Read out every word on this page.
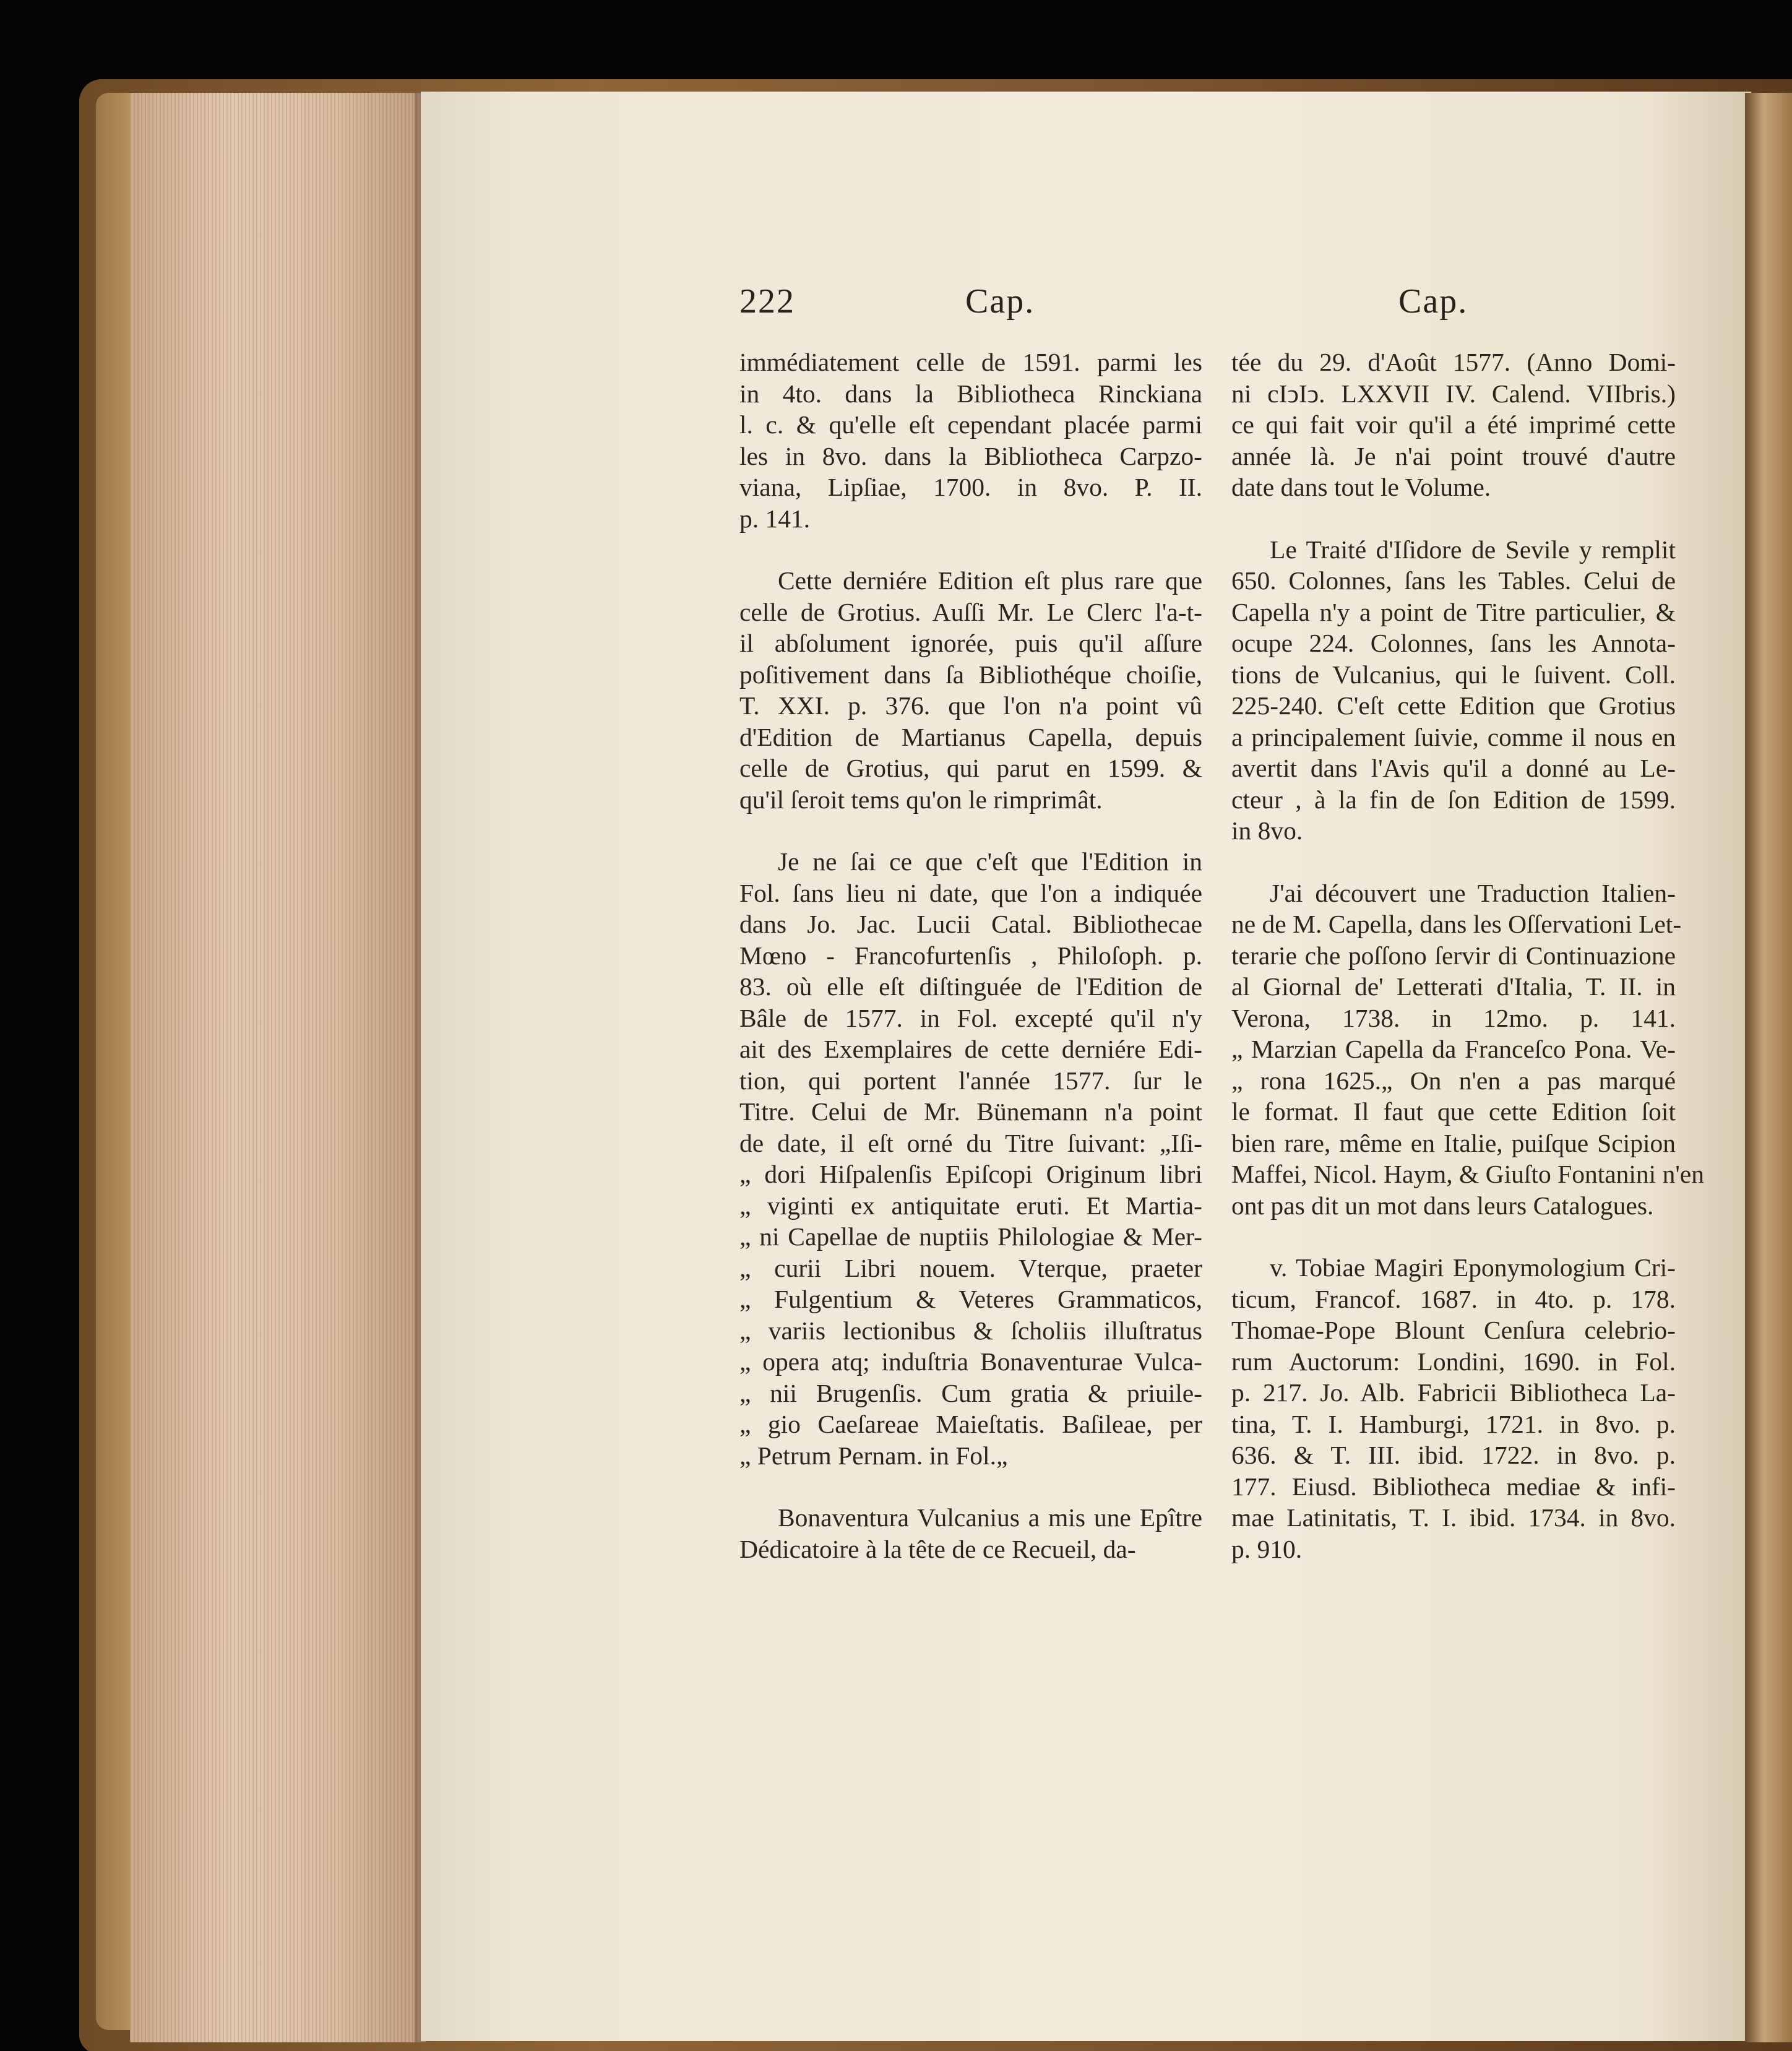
222	Cap.	Cap.
immédiatement celle de 1591. parmi les
in 4to. dans la Bibliotheca Rinckiana
l. c. & qu'elle eſt cependant placée parmi
les in 8vo. dans la Bibliotheca Carpzo-
viana, Lipſiae, 1700. in 8vo. P. II.
p. 141.
Cette derniére Edition eſt plus rare que
celle de Grotius. Auſſi Mr. Le Clerc l'a-t-
il abſolument ignorée, puis qu'il aſſure
poſitivement dans ſa Bibliothéque choiſie,
T. XXI. p. 376. que l'on n'a point vû
d'Edition de Martianus Capella, depuis
celle de Grotius, qui parut en 1599. &
qu'il ſeroit tems qu'on le rimprimât.
Je ne ſai ce que c'eſt que l'Edition in
Fol. ſans lieu ni date, que l'on a indiquée
dans Jo. Jac. Lucii Catal. Bibliothecae
Mœno - Francofurtenſis , Philoſoph. p.
83. où elle eſt diſtinguée de l'Edition de
Bâle de 1577. in Fol. excepté qu'il n'y
ait des Exemplaires de cette derniére Edi-
tion, qui portent l'année 1577. ſur le
Titre. Celui de Mr. Bünemann n'a point
de date, il eſt orné du Titre ſuivant: „Iſi-
„ dori Hiſpalenſis Epiſcopi Originum libri
„ viginti ex antiquitate eruti. Et Martia-
„ ni Capellae de nuptiis Philologiae & Mer-
„ curii Libri nouem. Vterque, praeter
„ Fulgentium & Veteres Grammaticos,
„ variis lectionibus & ſcholiis illuſtratus
„ opera atq; induſtria Bonaventurae Vulca-
„ nii Brugenſis. Cum gratia & priuile-
„ gio Caeſareae Maieſtatis. Baſileae, per
„ Petrum Pernam. in Fol.„
Bonaventura Vulcanius a mis une Epître
Dédicatoire à la tête de ce Recueil, da-
tée du 29. d'Août 1577. (Anno Domi-
ni cIↄIↄ. LXXVII IV. Calend. VIIbris.)
ce qui fait voir qu'il a été imprimé cette
année là. Je n'ai point trouvé d'autre
date dans tout le Volume.
Le Traité d'Iſidore de Sevile y remplit
650. Colonnes, ſans les Tables. Celui de
Capella n'y a point de Titre particulier, &
ocupe 224. Colonnes, ſans les Annota-
tions de Vulcanius, qui le ſuivent. Coll.
225-240. C'eſt cette Edition que Grotius
a principalement ſuivie, comme il nous en
avertit dans l'Avis qu'il a donné au Le-
cteur , à la fin de ſon Edition de 1599.
in 8vo.
J'ai découvert une Traduction Italien-
ne de M. Capella, dans les Oſſervationi Let-
terarie che poſſono ſervir di Continuazione
al Giornal de' Letterati d'Italia, T. II. in
Verona, 1738. in 12mo. p. 141.
„ Marzian Capella da Franceſco Pona. Ve-
„ rona 1625.„ On n'en a pas marqué
le format. Il faut que cette Edition ſoit
bien rare, même en Italie, puiſque Scipion
Maffei, Nicol. Haym, & Giuſto Fontanini n'en
ont pas dit un mot dans leurs Catalogues.
v. Tobiae Magiri Eponymologium Cri-
ticum, Francof. 1687. in 4to. p. 178.
Thomae-Pope Blount Cenſura celebrio-
rum Auctorum: Londini, 1690. in Fol.
p. 217. Jo. Alb. Fabricii Bibliotheca La-
tina, T. I. Hamburgi, 1721. in 8vo. p.
636. & T. III. ibid. 1722. in 8vo. p.
177. Eiusd. Bibliotheca mediae & infi-
mae Latinitatis, T. I. ibid. 1734. in 8vo.
p. 910.
